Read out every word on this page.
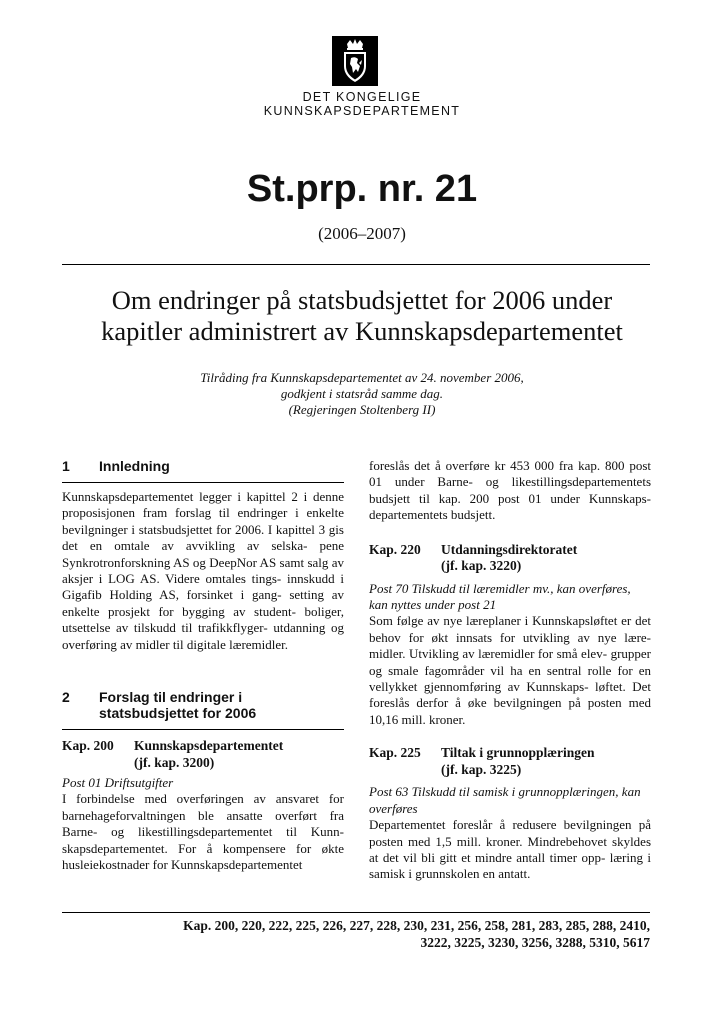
DET KONGELIGE
KUNNSKAPSDEPARTEMENT
St.prp. nr. 21
(2006–2007)
Om endringer på statsbudsjettet for 2006 under
kapitler administrert av Kunnskapsdepartementet
Tilråding fra Kunnskapsdepartementet av 24. november 2006,
godkjent i statsråd samme dag.
(Regjeringen Stoltenberg II)
1	Innledning
Kunnskapsdepartementet legger i kapittel 2 i denne proposisjonen fram forslag til endringer i enkelte bevilgninger i statsbudsjettet for 2006. I kapittel 3 gis det en omtale av avvikling av selska- pene Synkrotronforskning AS og DeepNor AS samt salg av aksjer i LOG AS. Videre omtales tings- innskudd i Gigafib Holding AS, forsinket i gang- setting av enkelte prosjekt for bygging av student- boliger, utsettelse av tilskudd til trafikkflyger- utdanning og overføring av midler til digitale læremidler.
2	Forslag til endringer i
statsbudsjettet for 2006
Kap. 200	Kunnskapsdepartementet
(jf. kap. 3200)

Post 01 Driftsutgifter

I forbindelse med overføringen av ansvaret for barnehageforvaltningen ble ansatte overført fra Barne- og likestillingsdepartementet til Kunn- skapsdepartementet. For å kompensere for økte husleiekostnader for Kunnskapsdepartementet
foreslås det å overføre kr 453 000 fra kap. 800 post 01 under Barne- og likestillingsdepartementets budsjett til kap. 200 post 01 under Kunnskaps- departementets budsjett.
Kap. 220	Utdanningsdirektoratet
(jf. kap. 3220)
Post 70 Tilskudd til læremidler mv., kan overføres,
kan nyttes under post 21
Som følge av nye læreplaner i Kunnskapsløftet er det behov for økt innsats for utvikling av nye lære- midler. Utvikling av læremidler for små elev- grupper og smale fagområder vil ha en sentral rolle for en vellykket gjennomføring av Kunnskaps- løftet. Det foreslås derfor å øke bevilgningen på posten med 10,16 mill. kroner.
Kap. 225	Tiltak i grunnopplæringen
(jf. kap. 3225)
Post 63 Tilskudd til samisk i grunnopplæringen, kan
overføres
Departementet foreslår å redusere bevilgningen på posten med 1,5 mill. kroner. Mindrebehovet skyldes at det vil bli gitt et mindre antall timer opp- læring i samisk i grunnskolen en antatt.
Kap. 200, 220, 222, 225, 226, 227, 228, 230, 231, 256, 258, 281, 283, 285, 288, 2410,
3222, 3225, 3230, 3256, 3288, 5310, 5617
